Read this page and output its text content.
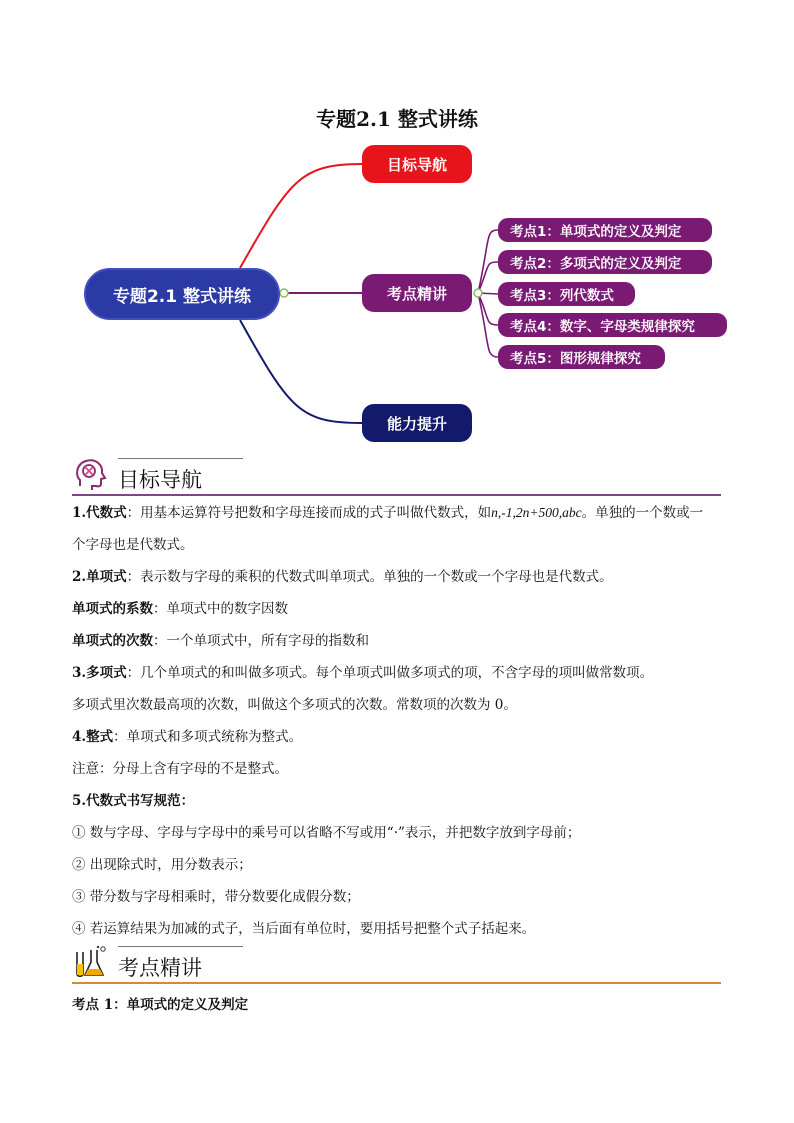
专题2.1 整式讲练
专题2.1 整式讲练
目标导航
考点精讲
能力提升
考点1：单项式的定义及判定
考点2：多项式的定义及判定
考点3：列代数式
考点4：数字、字母类规律探究
考点5：图形规律探究
目标导航
1.代数式：用基本运算符号把数和字母连接而成的式子叫做代数式，如n,-1,2n+500,abc。单独的一个数或一
个字母也是代数式。
2.单项式：表示数与字母的乘积的代数式叫单项式。单独的一个数或一个字母也是代数式。
单项式的系数：单项式中的数字因数
单项式的次数：一个单项式中，所有字母的指数和
3.多项式：几个单项式的和叫做多项式。每个单项式叫做多项式的项，不含字母的项叫做常数项。
多项式里次数最高项的次数，叫做这个多项式的次数。常数项的次数为 0。
4.整式：单项式和多项式统称为整式。
注意：分母上含有字母的不是整式。
5.代数式书写规范：
① 数与字母、字母与字母中的乘号可以省略不写或用“·”表示，并把数字放到字母前；
② 出现除式时，用分数表示；
③ 带分数与字母相乘时，带分数要化成假分数；
④ 若运算结果为加减的式子，当后面有单位时，要用括号把整个式子括起来。
考点精讲
考点 1：单项式的定义及判定
